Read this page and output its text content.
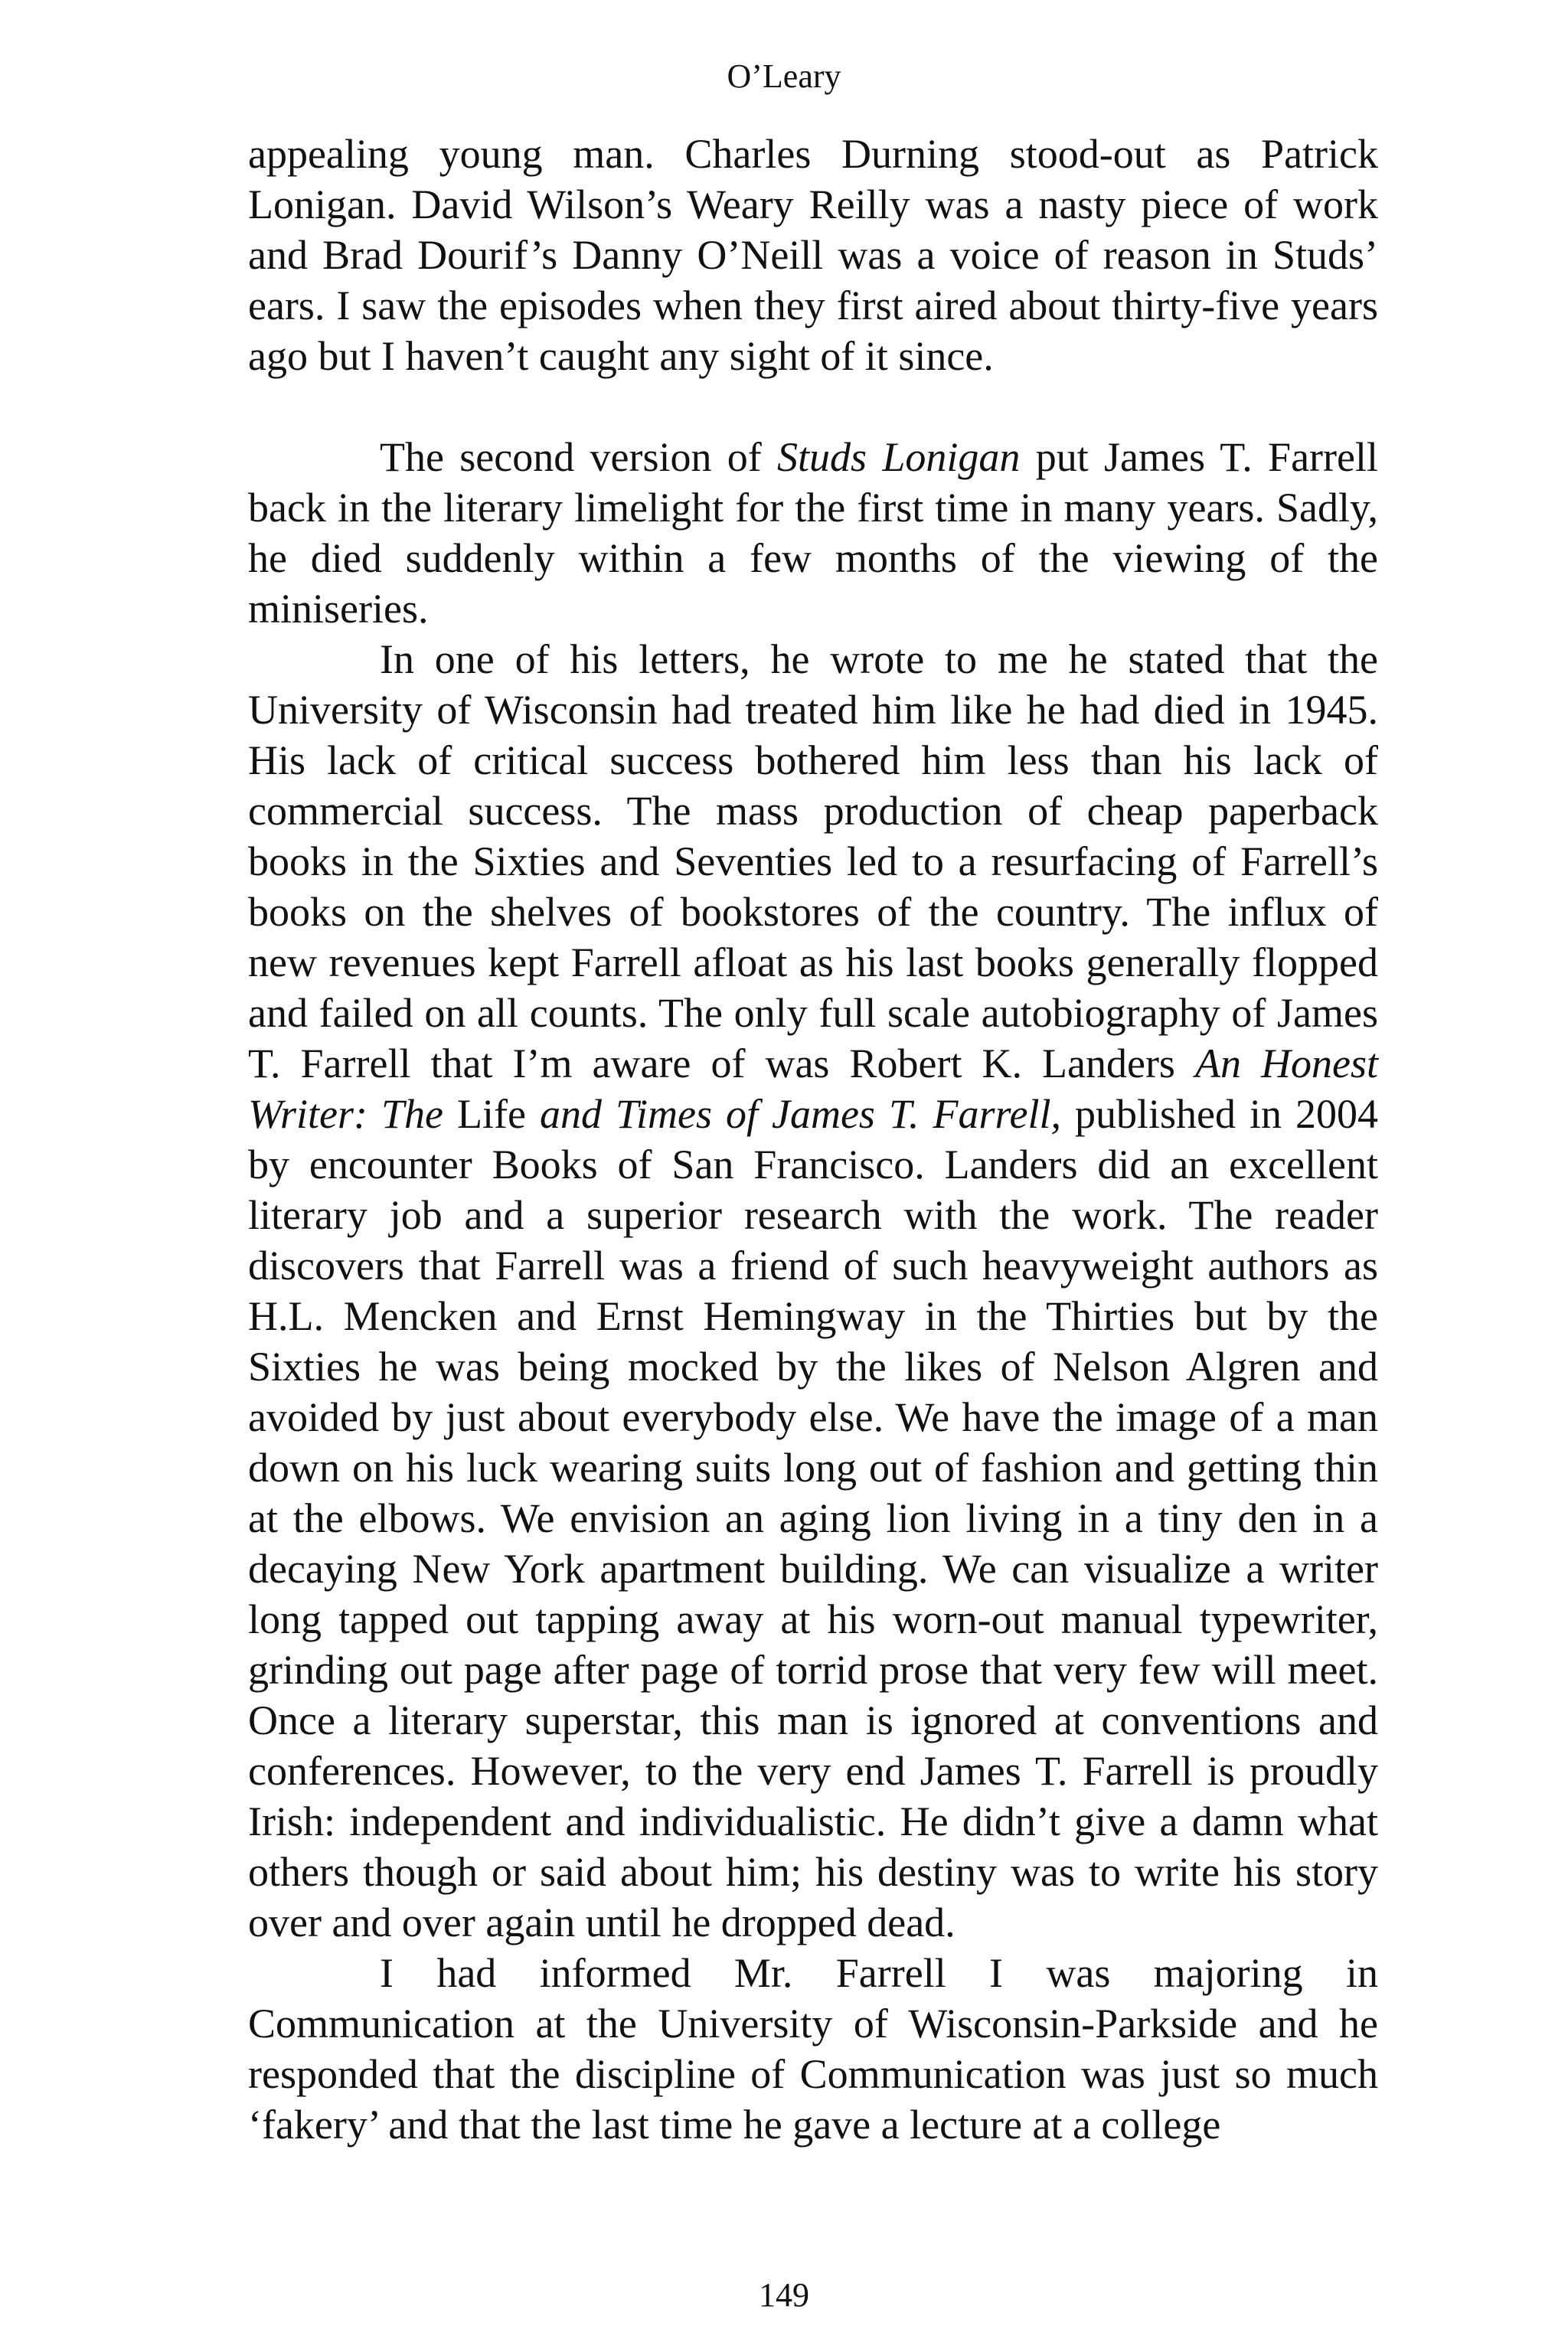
O’Leary

appealing young man. Charles Durning stood-out as Patrick Lonigan. David Wilson’s Weary Reilly was a nasty piece of work and Brad Dourif’s Danny O’Neill was a voice of reason in Studs’ ears. I saw the episodes when they first aired about thirty-five years ago but I haven’t caught any sight of it since.

The second version of Studs Lonigan put James T. Farrell back in the literary limelight for the first time in many years. Sadly, he died suddenly within a few months of the viewing of the miniseries.

In one of his letters, he wrote to me he stated that the University of Wisconsin had treated him like he had died in 1945. His lack of critical success bothered him less than his lack of commercial success. The mass production of cheap paperback books in the Sixties and Seventies led to a resurfacing of Farrell’s books on the shelves of bookstores of the country. The influx of new revenues kept Farrell afloat as his last books generally flopped and failed on all counts. The only full scale autobiography of James T. Farrell that I’m aware of was Robert K. Landers An Honest Writer: The Life and Times of James T. Farrell, published in 2004 by encounter Books of San Francisco. Landers did an excellent literary job and a superior research with the work. The reader discovers that Farrell was a friend of such heavyweight authors as H.L. Mencken and Ernst Hemingway in the Thirties but by the Sixties he was being mocked by the likes of Nelson Algren and avoided by just about everybody else. We have the image of a man down on his luck wearing suits long out of fashion and getting thin at the elbows. We envision an aging lion living in a tiny den in a decaying New York apartment building. We can visualize a writer long tapped out tapping away at his worn-out manual typewriter, grinding out page after page of torrid prose that very few will meet. Once a literary superstar, this man is ignored at conventions and conferences. However, to the very end James T. Farrell is proudly Irish: independent and individualistic. He didn’t give a damn what others though or said about him; his destiny was to write his story over and over again until he dropped dead.

I had informed Mr. Farrell I was majoring in Communication at the University of Wisconsin-Parkside and he responded that the discipline of Communication was just so much ‘fakery’ and that the last time he gave a lecture at a college

149
